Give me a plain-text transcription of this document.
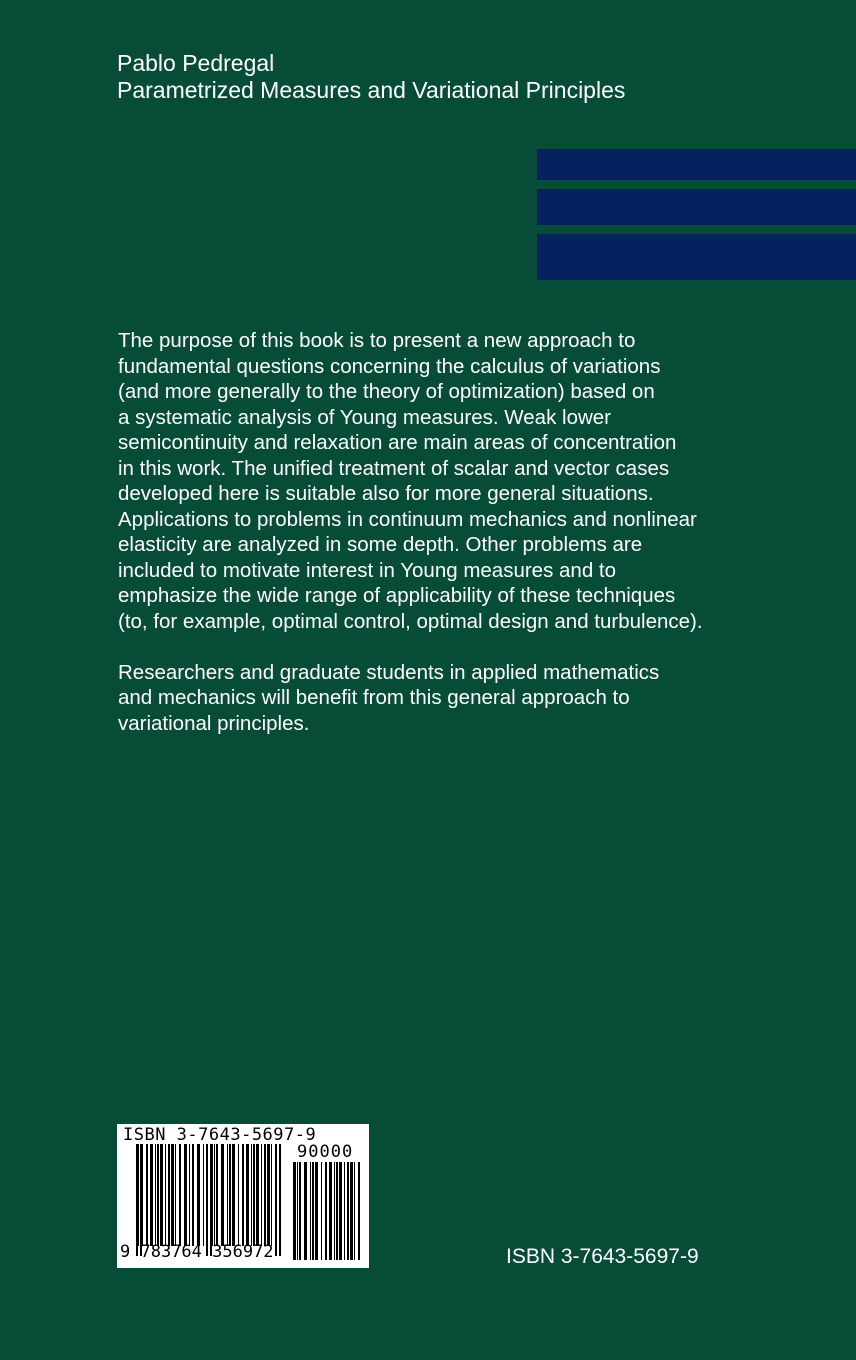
Pablo Pedregal
Parametrized Measures and Variational Principles
The purpose of this book is to present a new approach to
fundamental questions concerning the calculus of variations
(and more generally to the theory of optimization) based on
a systematic analysis of Young measures. Weak lower
semicontinuity and relaxation are main areas of concentration
in this work. The unified treatment of scalar and vector cases
developed here is suitable also for more general situations.
Applications to problems in continuum mechanics and nonlinear
elasticity are analyzed in some depth. Other problems are
included to motivate interest in Young measures and to
emphasize the wide range of applicability of these techniques
(to, for example, optimal control, optimal design and turbulence).
Researchers and graduate students in applied mathematics
and mechanics will benefit from this general approach to
variational principles.
ISBN 3-7643-5697-9
90000
9 783764 356972	ISBN 3-7643-5697-9
